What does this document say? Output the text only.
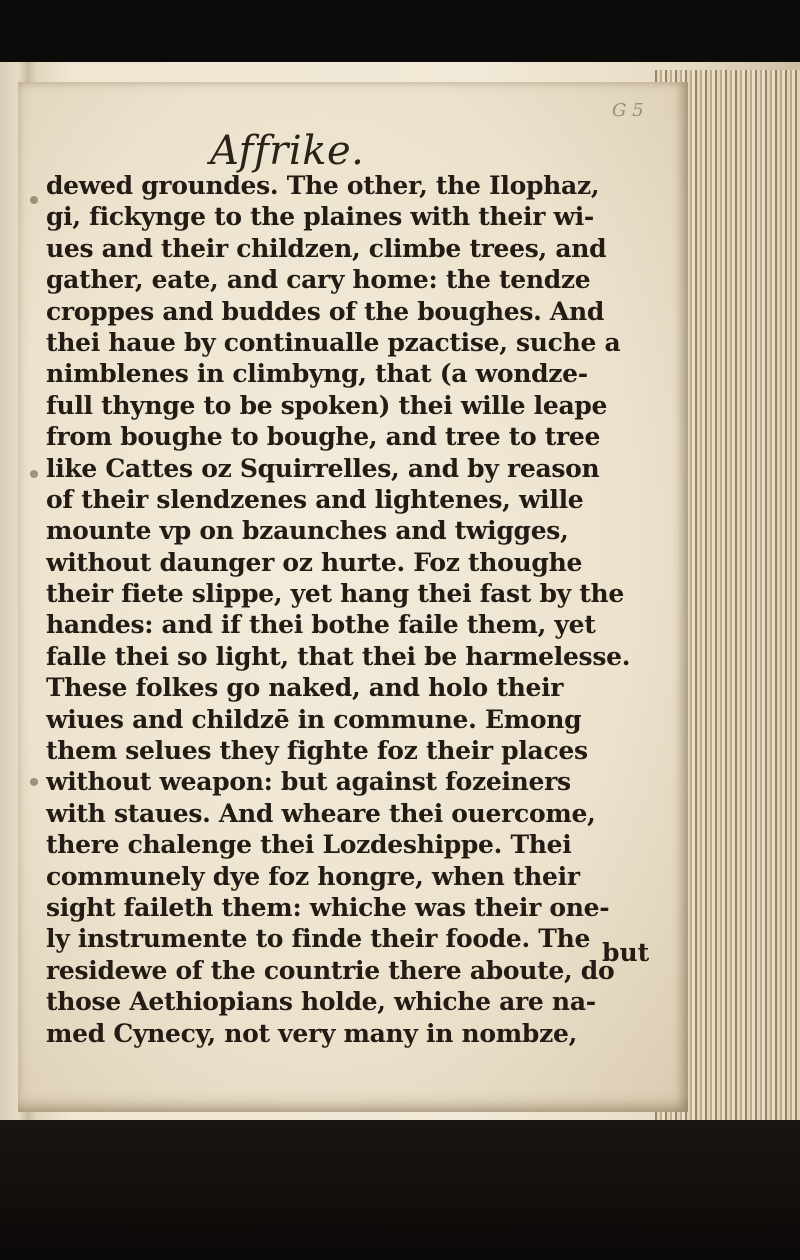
Affrike.
G 5
dewed groundes. The other, the Ilophaz,
gi, fickynge to the plaines with their wi-
ues and their childzen, climbe trees, and
gather, eate, and cary home: the tendze
croppes and buddes of the boughes. And
thei haue by continualle pzactise, suche a
nimblenes in climbyng, that (a wondze-
full thynge to be spoken) thei wille leape
from boughe to boughe, and tree to tree
like Cattes oz Squirrelles, and by reason
of their slendzenes and lightenes, wille
mounte vp on bzaunches and twigges,
without daunger oz hurte. Foz thoughe
their fiete slippe, yet hang thei fast by the
handes: and if thei bothe faile them, yet
falle thei so light, that thei be harmelesse.
These folkes go naked, and holo their
wiues and childzē in commune. Emong
them selues they fighte foz their places
without weapon: but against fozeiners
with staues. And wheare thei ouercome,
there chalenge thei Lozdeshippe. Thei
communely dye foz hongre, when their
sight faileth them: whiche was their one-
ly instrumente to finde their foode. The
residewe of the countrie there aboute, do
those Aethiopians holde, whiche are na-
med Cynecy, not very many in nombze,
but
